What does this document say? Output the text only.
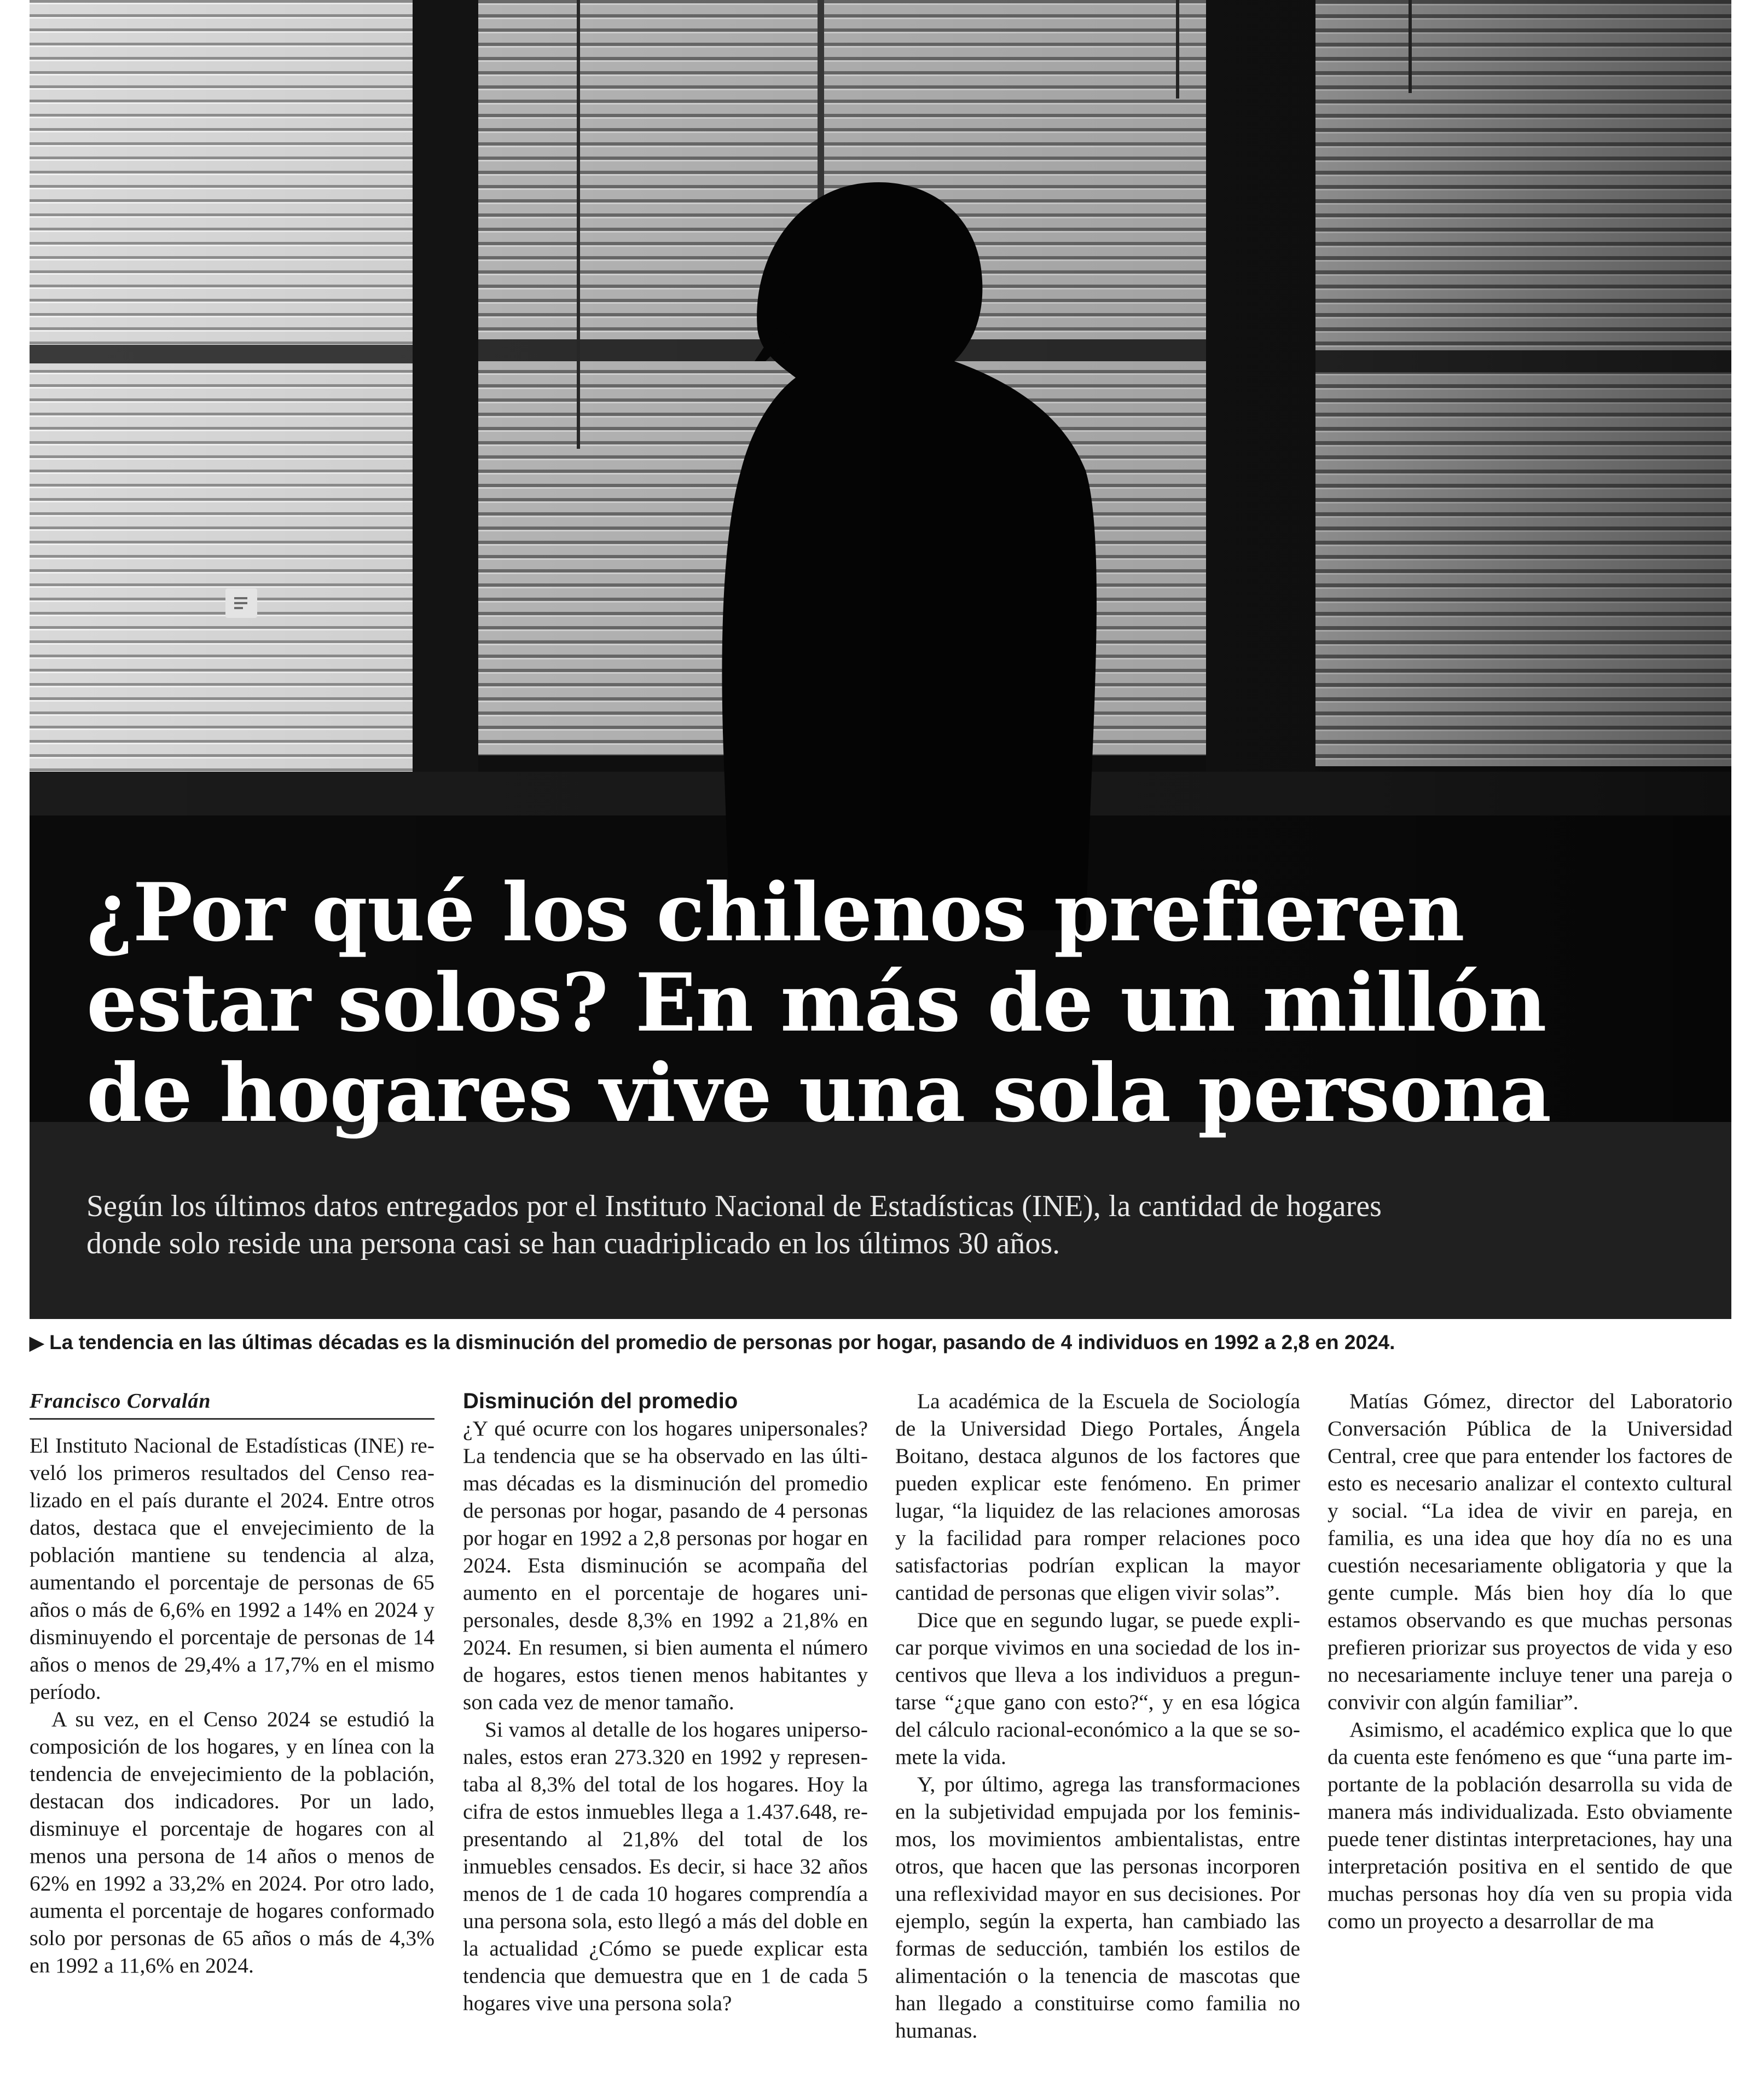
¿Por qué los chilenos prefieren estar solos? En más de un millón de hogares vive una sola persona

Según los últimos datos entregados por el Instituto Nacional de Estadísticas (INE), la cantidad de hogares donde solo reside una persona casi se han cuadriplicado en los últimos 30 años.

▶ La tendencia en las últimas décadas es la disminución del promedio de personas por hogar, pasando de 4 individuos en 1992 a 2,8 en 2024.

Francisco Corvalán

El Instituto Nacional de Estadísticas (INE) reveló los primeros resultados del Censo realizado en el país durante el 2024. Entre otros datos, destaca que el envejecimiento de la población mantiene su tendencia al alza, aumentando el porcentaje de personas de 65 años o más de 6,6% en 1992 a 14% en 2024 y disminuyendo el porcentaje de personas de 14 años o menos de 29,4% a 17,7% en el mismo período.

A su vez, en el Censo 2024 se estudió la composición de los hogares, y en línea con la tendencia de envejecimiento de la población, destacan dos indicadores. Por un lado, disminuye el porcentaje de hogares con al menos una persona de 14 años o menos de 62% en 1992 a 33,2% en 2024. Por otro lado, aumenta el porcentaje de hogares conformado solo por personas de 65 años o más de 4,3% en 1992 a 11,6% en 2024.

Disminución del promedio

¿Y qué ocurre con los hogares unipersonales? La tendencia que se ha observado en las últimas décadas es la disminución del promedio de personas por hogar, pasando de 4 personas por hogar en 1992 a 2,8 personas por hogar en 2024. Esta disminución se acompaña del aumento en el porcentaje de hogares unipersonales, desde 8,3% en 1992 a 21,8% en 2024. En resumen, si bien aumenta el número de hogares, estos tienen menos habitantes y son cada vez de menor tamaño.

Si vamos al detalle de los hogares unipersonales, estos eran 273.320 en 1992 y representaba al 8,3% del total de los hogares. Hoy la cifra de estos inmuebles llega a 1.437.648, representando al 21,8% del total de los inmuebles censados. Es decir, si hace 32 años menos de 1 de cada 10 hogares comprendía a una persona sola, esto llegó a más del doble en la actualidad ¿Cómo se puede explicar esta tendencia que demuestra que en 1 de cada 5 hogares vive una persona sola?

La académica de la Escuela de Sociología de la Universidad Diego Portales, Ángela Boitano, destaca algunos de los factores que pueden explicar este fenómeno. En primer lugar, “la liquidez de las relaciones amorosas y la facilidad para romper relaciones poco satisfactorias podrían explican la mayor cantidad de personas que eligen vivir solas”.

Dice que en segundo lugar, se puede explicar porque vivimos en una sociedad de los incentivos que lleva a los individuos a preguntarse “¿que gano con esto?“, y en esa lógica del cálculo racional-económico a la que se somete la vida.

Y, por último, agrega las transformaciones en la subjetividad empujada por los feminismos, los movimientos ambientalistas, entre otros, que hacen que las personas incorporen una reflexividad mayor en sus decisiones. Por ejemplo, según la experta, han cambiado las formas de seducción, también los estilos de alimentación o la tenencia de mascotas que han llegado a constituirse como familia no humanas.

Matías Gómez, director del Laboratorio Conversación Pública de la Universidad Central, cree que para entender los factores de esto es necesario analizar el contexto cultural y social. “La idea de vivir en pareja, en familia, es una idea que hoy día no es una cuestión necesariamente obligatoria y que la gente cumple. Más bien hoy día lo que estamos observando es que muchas personas prefieren priorizar sus proyectos de vida y eso no necesariamente incluye tener una pareja o convivir con algún familiar”.

Asimismo, el académico explica que lo que da cuenta este fenómeno es que “una parte importante de la población desarrolla su vida de manera más individualizada. Esto obviamente puede tener distintas interpretaciones, hay una interpretación positiva en el sentido de que muchas personas hoy día ven su propia vida como un proyecto a desarrollar de ma
